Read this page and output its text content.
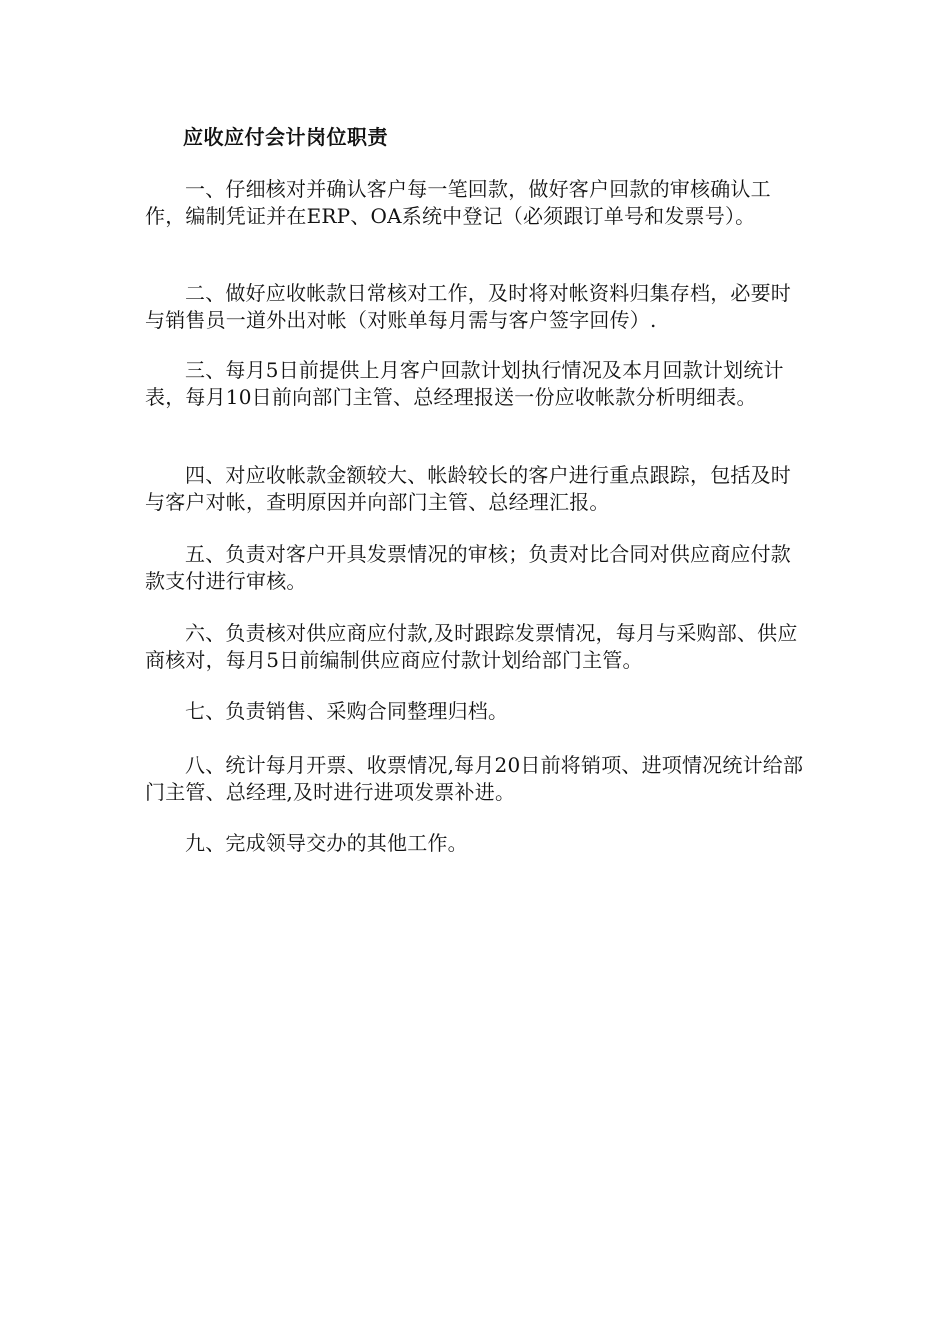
应收应付会计岗位职责

一、仔细核对并确认客户每一笔回款，做好客户回款的审核确认工作，编制凭证并在ERP、OA系统中登记（必须跟订单号和发票号）。

二、做好应收帐款日常核对工作，及时将对帐资料归集存档，必要时与销售员一道外出对帐（对账单每月需与客户签字回传）.

三、每月5日前提供上月客户回款计划执行情况及本月回款计划统计表，每月10日前向部门主管、总经理报送一份应收帐款分析明细表。

四、对应收帐款金额较大、帐龄较长的客户进行重点跟踪，包括及时与客户对帐，查明原因并向部门主管、总经理汇报。

五、负责对客户开具发票情况的审核；负责对比合同对供应商应付款款支付进行审核。

六、负责核对供应商应付款,及时跟踪发票情况，每月与采购部、供应商核对，每月5日前编制供应商应付款计划给部门主管。

七、负责销售、采购合同整理归档。

八、统计每月开票、收票情况,每月20日前将销项、进项情况统计给部门主管、总经理,及时进行进项发票补进。

九、完成领导交办的其他工作。
